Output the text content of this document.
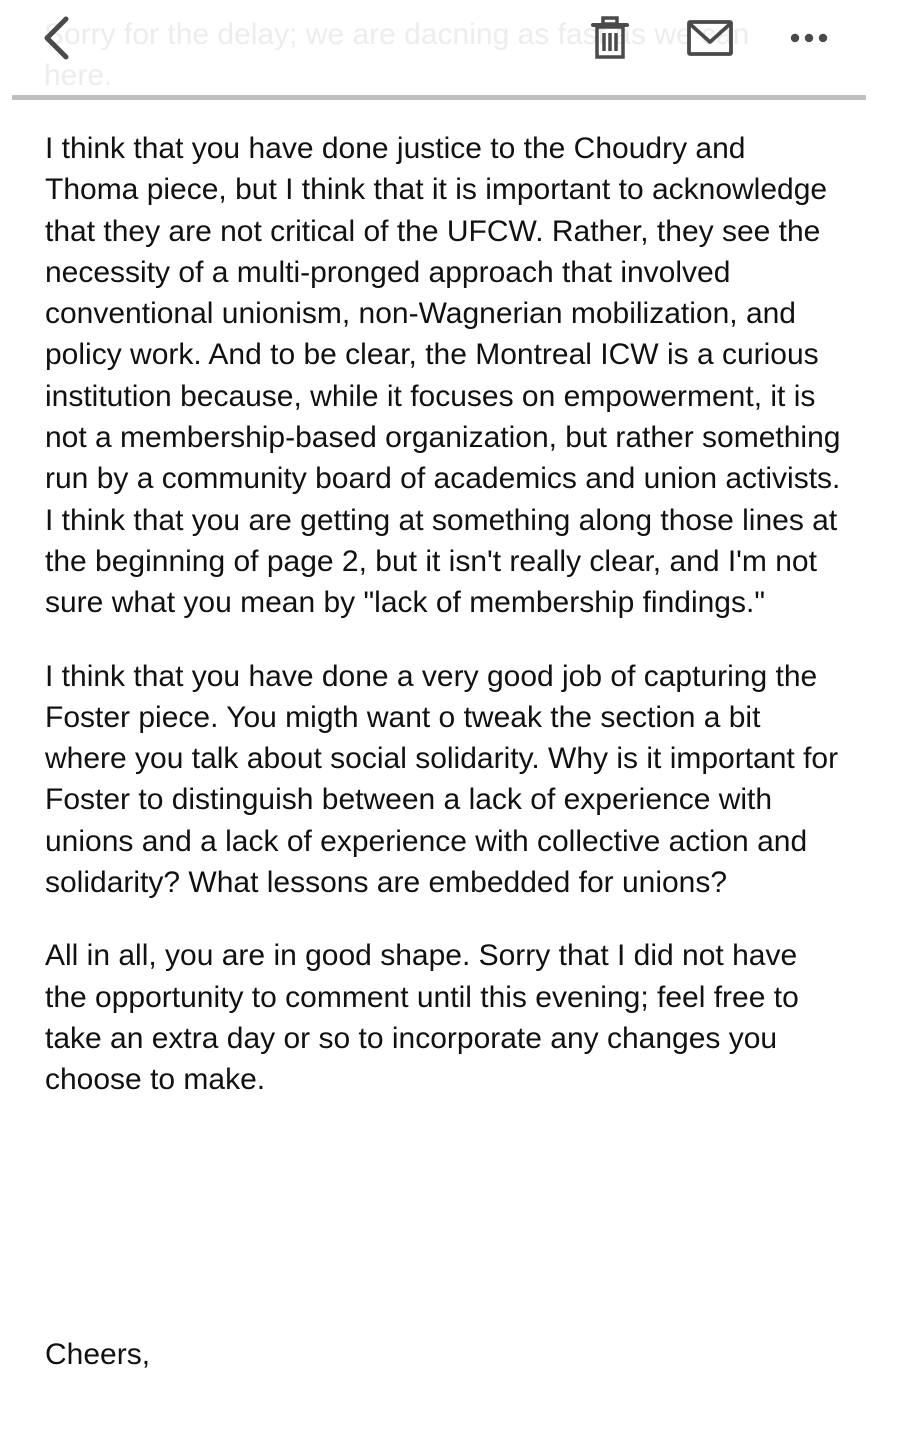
Sorry for the delay; we are dacning as fast as we can here.

I think that you have done justice to the Choudry and Thoma piece, but I think that it is important to acknowledge that they are not critical of the UFCW. Rather, they see the necessity of a multi-pronged approach that involved conventional unionism, non-Wagnerian mobilization, and policy work. And to be clear, the Montreal ICW is a curious institution because, while it focuses on empowerment, it is not a membership-based organization, but rather something run by a community board of academics and union activists. I think that you are getting at something along those lines at the beginning of page 2, but it isn't really clear, and I'm not sure what you mean by "lack of membership findings."

I think that you have done a very good job of capturing the Foster piece. You migth want o tweak the section a bit where you talk about social solidarity. Why is it important for Foster to distinguish between a lack of experience with unions and a lack of experience with collective action and solidarity? What lessons are embedded for unions?

All in all, you are in good shape. Sorry that I did not have the opportunity to comment until this evening; feel free to take an extra day or so to incorporate any changes you choose to make.

Cheers,
